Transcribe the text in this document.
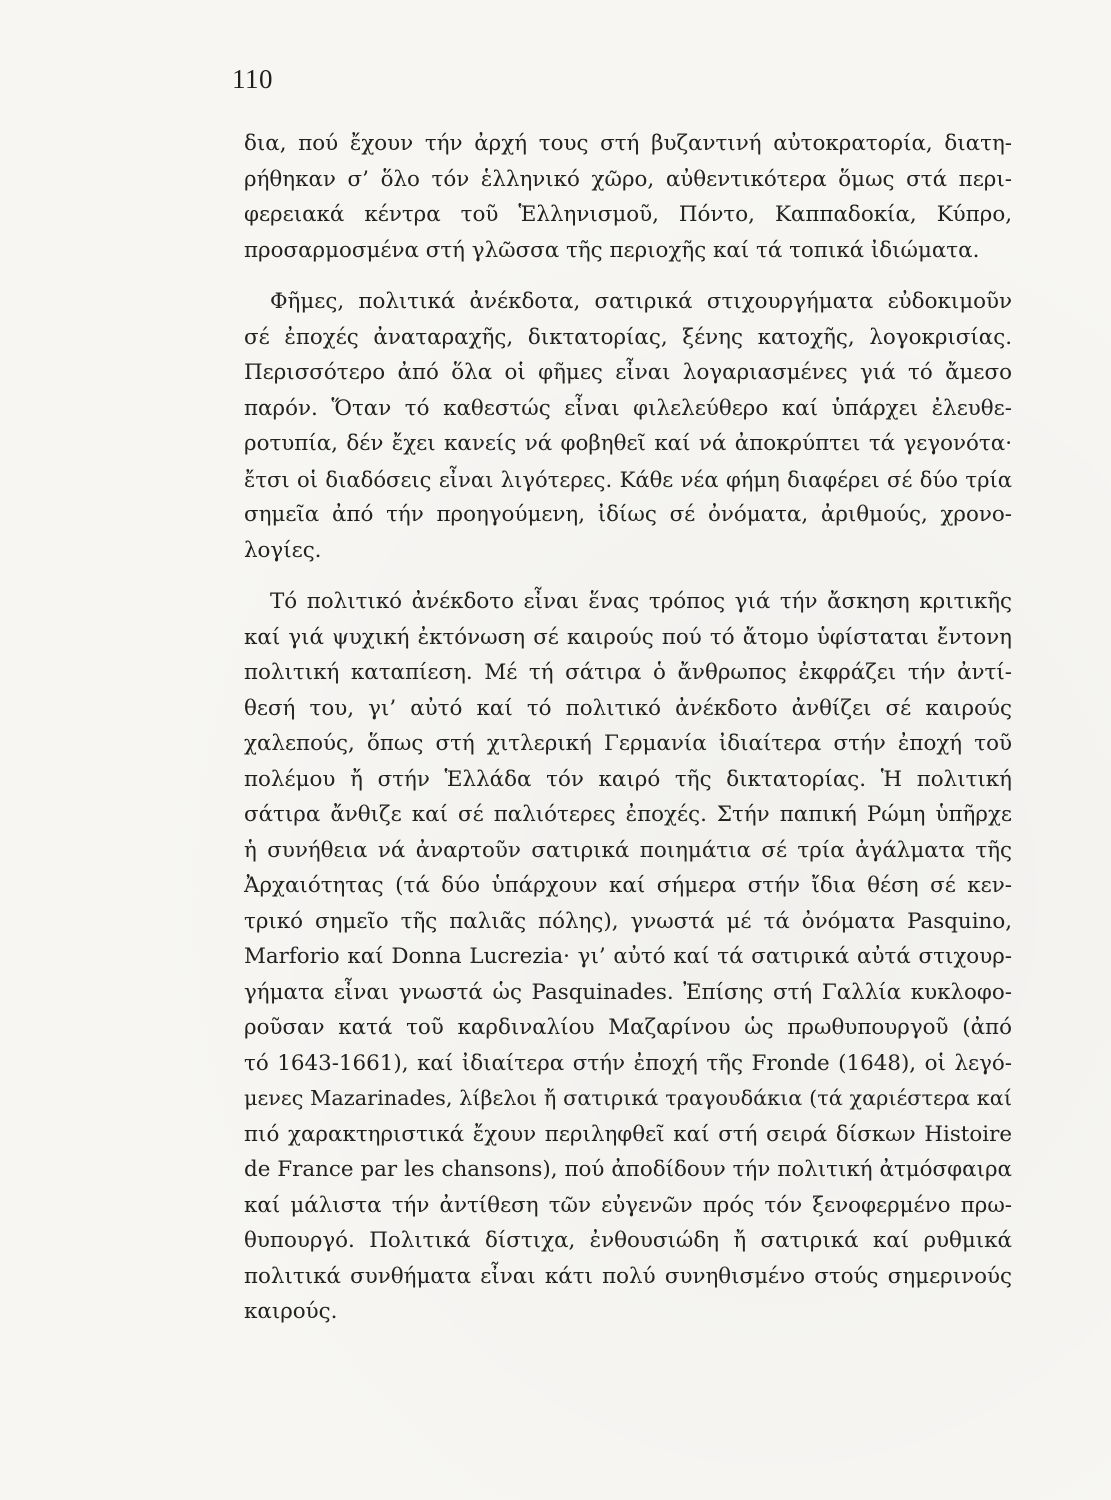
110

δια, πού ἔχουν τήν ἀρχή τους στή βυζαντινή αὐτοκρατορία, διατη-
ρήθηκαν σ’ ὅλο τόν ἑλληνικό χῶρο, αὐθεντικότερα ὅμως στά περι-
φερειακά κέντρα τοῦ Ἑλληνισμοῦ, Πόντο, Καππαδοκία, Κύπρο,
προσαρμοσμένα στή γλῶσσα τῆς περιοχῆς καί τά τοπικά ἰδιώματα.

Φῆμες, πολιτικά ἀνέκδοτα, σατιρικά στιχουργήματα εὐδοκιμοῦν
σέ ἐποχές ἀναταραχῆς, δικτατορίας, ξένης κατοχῆς, λογοκρισίας.
Περισσότερο ἀπό ὅλα οἱ φῆμες εἶναι λογαριασμένες γιά τό ἄμεσο
παρόν. Ὅταν τό καθεστώς εἶναι φιλελεύθερο καί ὑπάρχει ἐλευθε-
ροτυπία, δέν ἔχει κανείς νά φοβηθεῖ καί νά ἀποκρύπτει τά γεγονότα·
ἔτσι οἱ διαδόσεις εἶναι λιγότερες. Κάθε νέα φήμη διαφέρει σέ δύο τρία
σημεῖα ἀπό τήν προηγούμενη, ἰδίως σέ ὀνόματα, ἀριθμούς, χρονο-
λογίες.

Τό πολιτικό ἀνέκδοτο εἶναι ἕνας τρόπος γιά τήν ἄσκηση κριτικῆς
καί γιά ψυχική ἐκτόνωση σέ καιρούς πού τό ἄτομο ὑφίσταται ἔντονη
πολιτική καταπίεση. Μέ τή σάτιρα ὁ ἄνθρωπος ἐκφράζει τήν ἀντί-
θεσή του, γι’ αὐτό καί τό πολιτικό ἀνέκδοτο ἀνθίζει σέ καιρούς
χαλεπούς, ὅπως στή χιτλερική Γερμανία ἰδιαίτερα στήν ἐποχή τοῦ
πολέμου ἤ στήν Ἑλλάδα τόν καιρό τῆς δικτατορίας. Ἡ πολιτική
σάτιρα ἄνθιζε καί σέ παλιότερες ἐποχές. Στήν παπική Ρώμη ὑπῆρχε
ἡ συνήθεια νά ἀναρτοῦν σατιρικά ποιημάτια σέ τρία ἀγάλματα τῆς
Ἀρχαιότητας (τά δύο ὑπάρχουν καί σήμερα στήν ἴδια θέση σέ κεν-
τρικό σημεῖο τῆς παλιᾶς πόλης), γνωστά μέ τά ὀνόματα Pasquino,
Marforio καί Donna Lucrezia· γι’ αὐτό καί τά σατιρικά αὐτά στιχουρ-
γήματα εἶναι γνωστά ὡς Pasquinades. Ἐπίσης στή Γαλλία κυκλοφο-
ροῦσαν κατά τοῦ καρδιναλίου Μαζαρίνου ὡς πρωθυπουργοῦ (ἀπό
τό 1643-1661), καί ἰδιαίτερα στήν ἐποχή τῆς Fronde (1648), οἱ λεγό-
μενες Mazarinades, λίβελοι ἤ σατιρικά τραγουδάκια (τά χαριέστερα καί
πιό χαρακτηριστικά ἔχουν περιληφθεῖ καί στή σειρά δίσκων Histoire
de France par les chansons), πού ἀποδίδουν τήν πολιτική ἀτμόσφαιρα
καί μάλιστα τήν ἀντίθεση τῶν εὐγενῶν πρός τόν ξενοφερμένο πρω-
θυπουργό. Πολιτικά δίστιχα, ἐνθουσιώδη ἤ σατιρικά καί ρυθμικά
πολιτικά συνθήματα εἶναι κάτι πολύ συνηθισμένο στούς σημερινούς
καιρούς.
